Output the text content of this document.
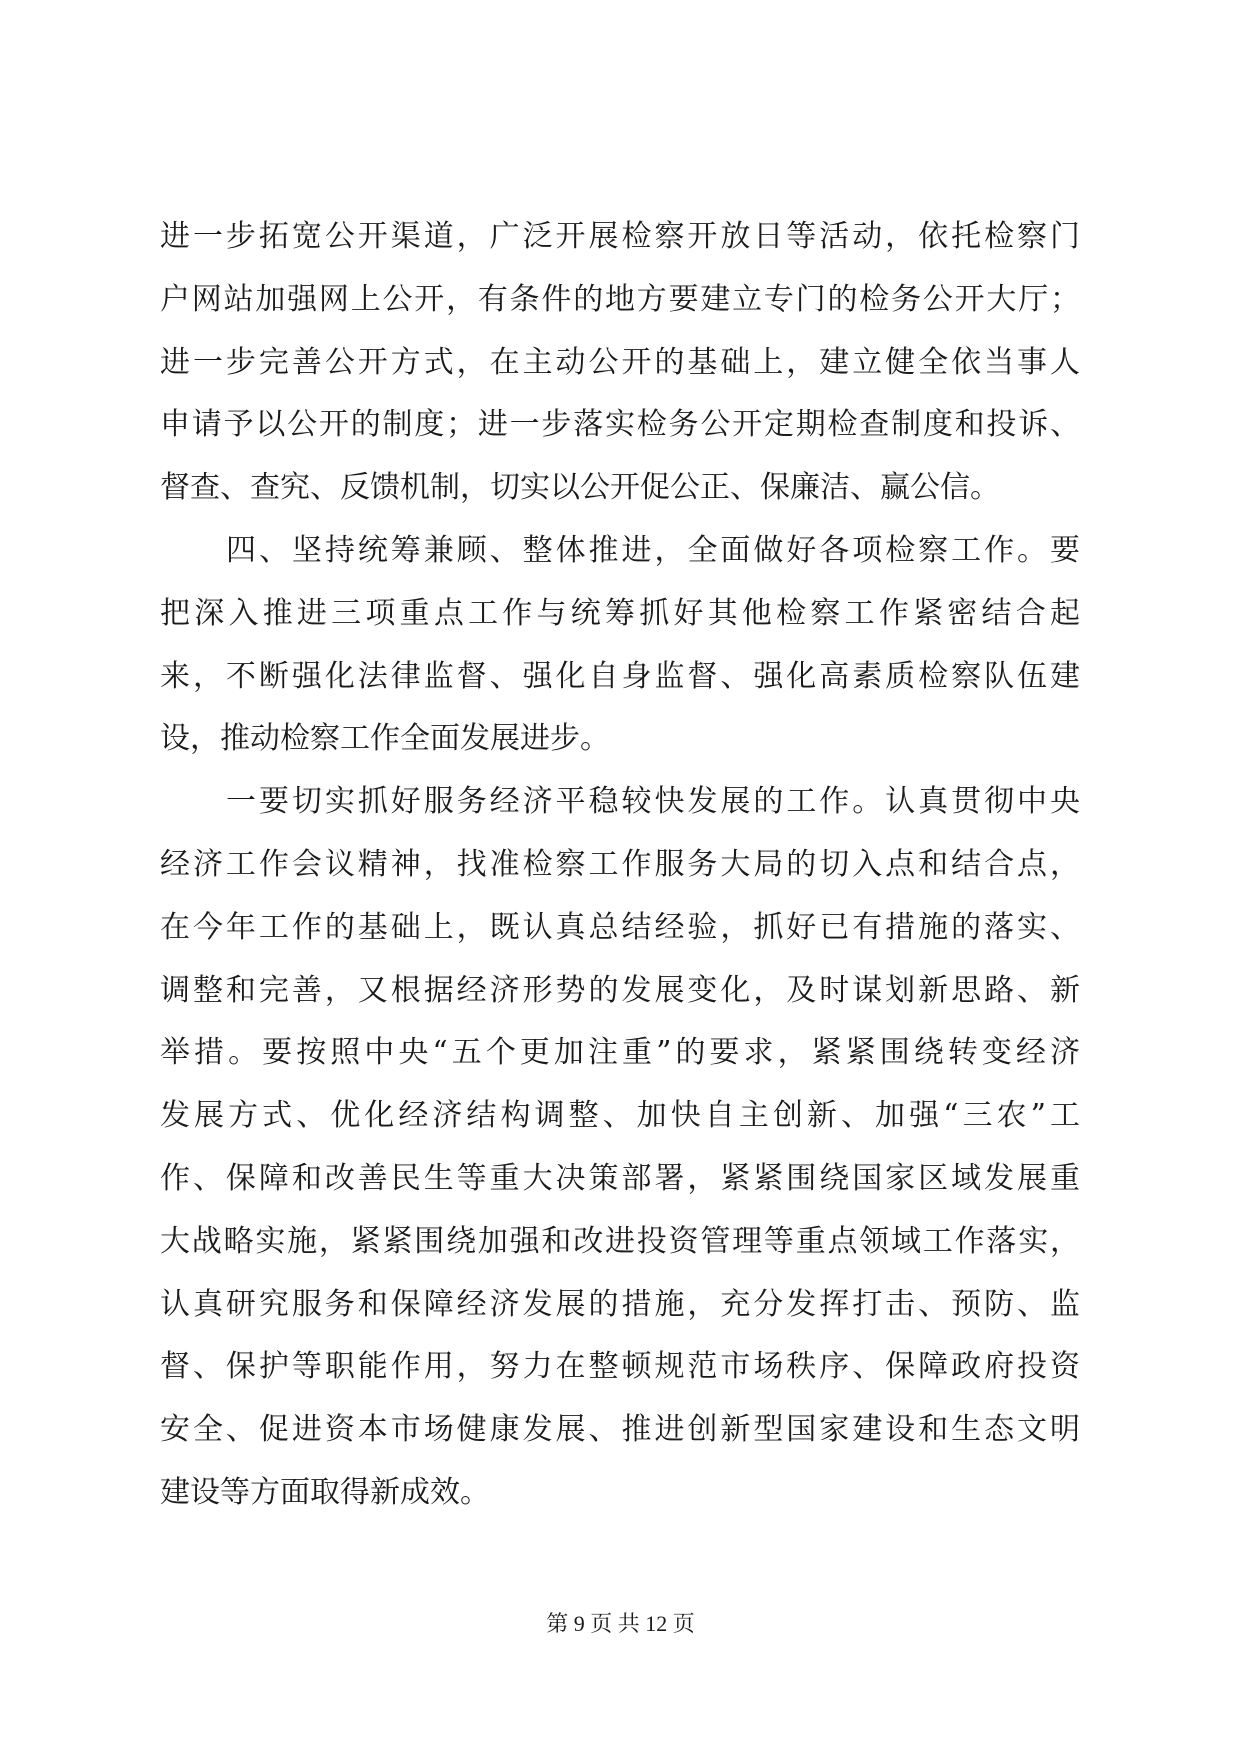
进一步拓宽公开渠道，广泛开展检察开放日等活动，依托检察门
户网站加强网上公开，有条件的地方要建立专门的检务公开大厅；
进一步完善公开方式，在主动公开的基础上，建立健全依当事人
申请予以公开的制度；进一步落实检务公开定期检查制度和投诉、
督查、查究、反馈机制，切实以公开促公正、保廉洁、赢公信。
四、坚持统筹兼顾、整体推进，全面做好各项检察工作。要
把深入推进三项重点工作与统筹抓好其他检察工作紧密结合起
来，不断强化法律监督、强化自身监督、强化高素质检察队伍建
设，推动检察工作全面发展进步。
一要切实抓好服务经济平稳较快发展的工作。认真贯彻中央
经济工作会议精神，找准检察工作服务大局的切入点和结合点，
在今年工作的基础上，既认真总结经验，抓好已有措施的落实、
调整和完善，又根据经济形势的发展变化，及时谋划新思路、新
举措。要按照中央“五个更加注重”的要求，紧紧围绕转变经济
发展方式、优化经济结构调整、加快自主创新、加强“三农”工
作、保障和改善民生等重大决策部署，紧紧围绕国家区域发展重
大战略实施，紧紧围绕加强和改进投资管理等重点领域工作落实，
认真研究服务和保障经济发展的措施，充分发挥打击、预防、监
督、保护等职能作用，努力在整顿规范市场秩序、保障政府投资
安全、促进资本市场健康发展、推进创新型国家建设和生态文明
建设等方面取得新成效。
第 9 页 共 12 页
